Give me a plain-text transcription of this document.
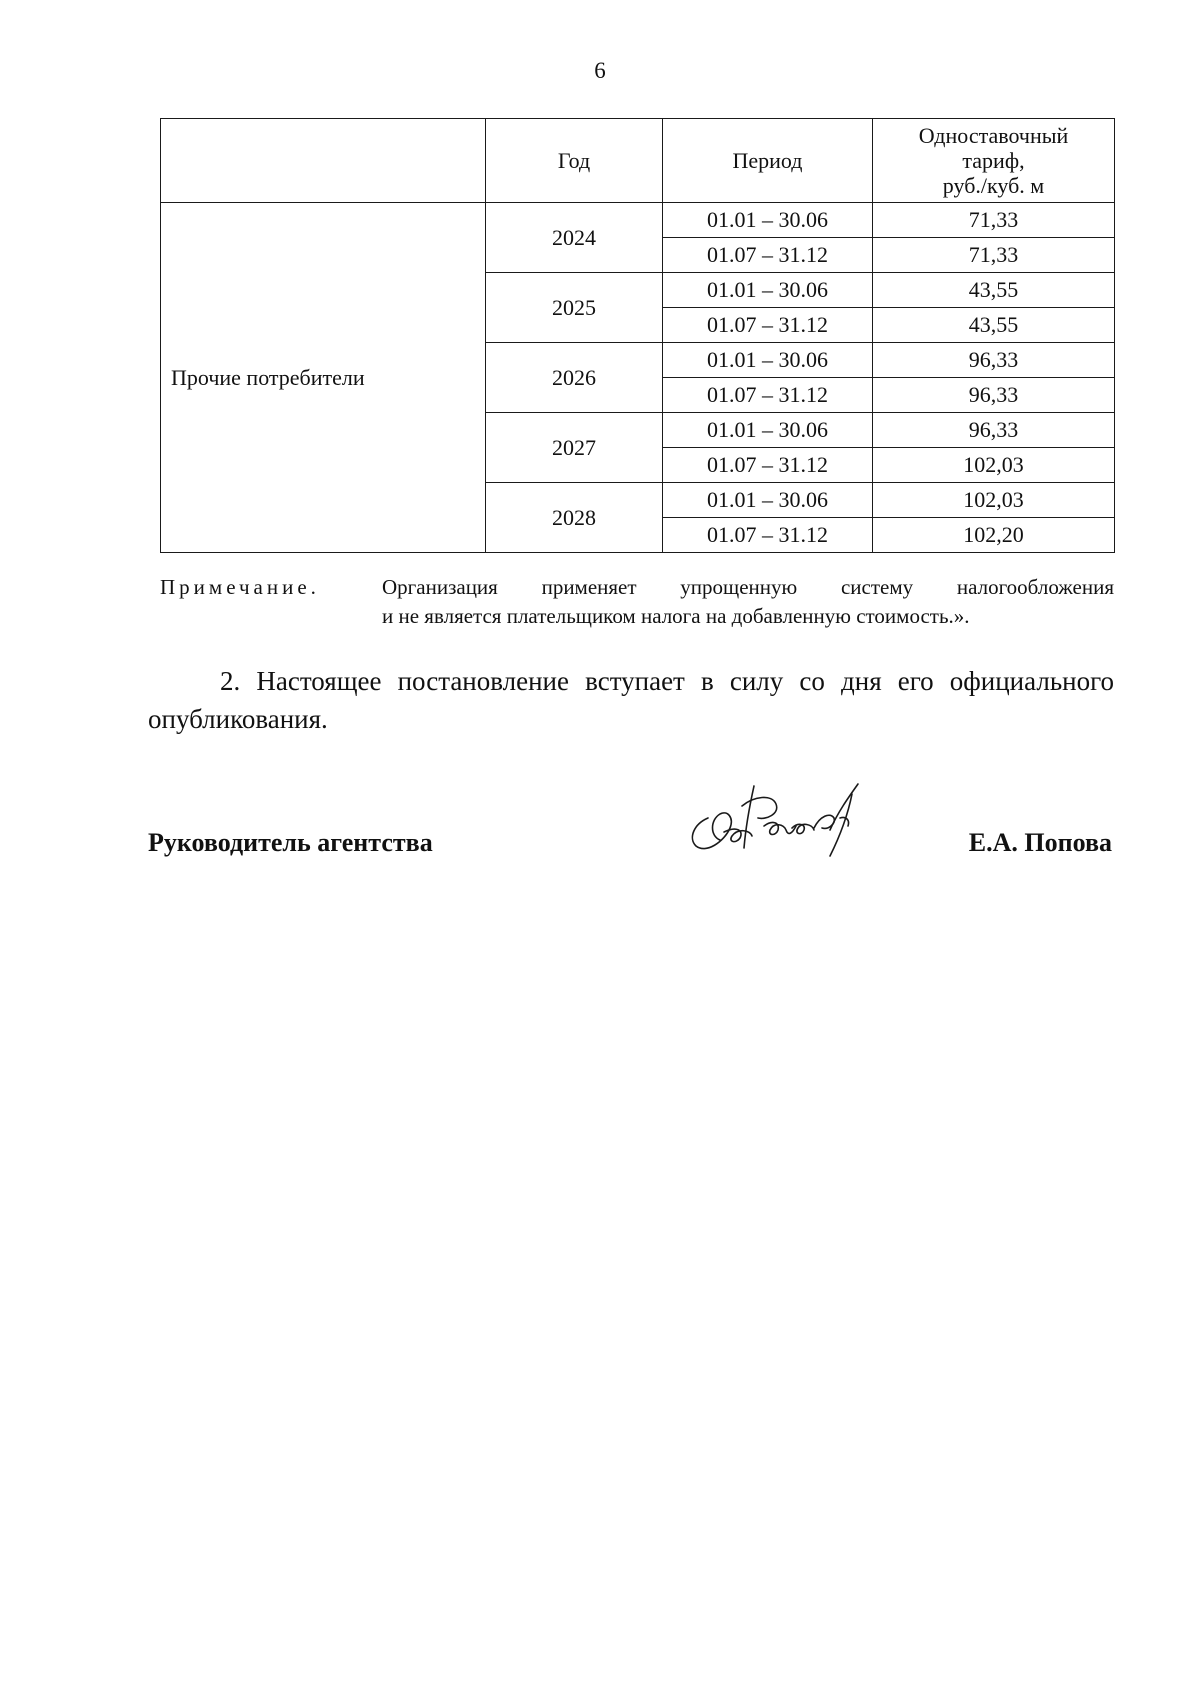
6
	Год	Период	Одноставочный
тариф,
руб./куб. м
Прочие потребители	2024	01.01 – 30.06	71,33
		01.07 – 31.12	71,33
	2025	01.01 – 30.06	43,55
		01.07 – 31.12	43,55
	2026	01.01 – 30.06	96,33
		01.07 – 31.12	96,33
	2027	01.01 – 30.06	96,33
		01.07 – 31.12	102,03
	2028	01.01 – 30.06	102,03
		01.07 – 31.12	102,20
Примечание.	Организация применяет упрощенную систему налогообложения
и не является плательщиком налога на добавленную стоимость.».
2. Настоящее постановление вступает в силу со дня его официального
опубликования.
Руководитель агентства	Е.А. Попова
